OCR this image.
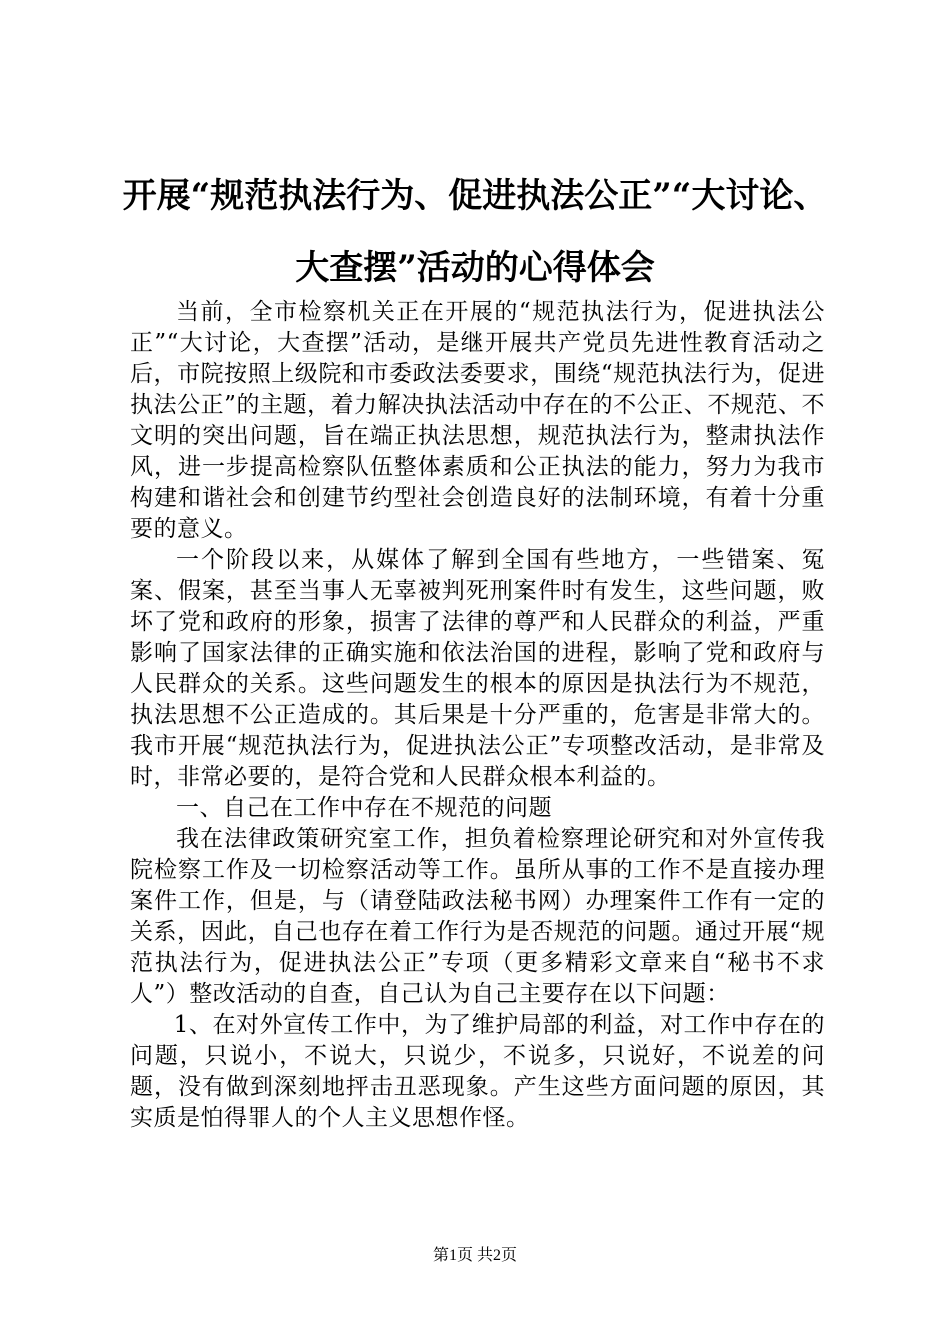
开展“规范执法行为、促进执法公正”“大讨论、大查摆”活动的心得体会

当前，全市检察机关正在开展的“规范执法行为，促进执法公正”“大讨论，大查摆”活动，是继开展共产党员先进性教育活动之后，市院按照上级院和市委政法委要求，围绕“规范执法行为，促进执法公正”的主题，着力解决执法活动中存在的不公正、不规范、不文明的突出问题，旨在端正执法思想，规范执法行为，整肃执法作风，进一步提高检察队伍整体素质和公正执法的能力，努力为我市构建和谐社会和创建节约型社会创造良好的法制环境，有着十分重要的意义。

一个阶段以来，从媒体了解到全国有些地方，一些错案、冤案、假案，甚至当事人无辜被判死刑案件时有发生，这些问题，败坏了党和政府的形象，损害了法律的尊严和人民群众的利益，严重影响了国家法律的正确实施和依法治国的进程，影响了党和政府与人民群众的关系。这些问题发生的根本的原因是执法行为不规范，执法思想不公正造成的。其后果是十分严重的，危害是非常大的。我市开展“规范执法行为，促进执法公正”专项整改活动，是非常及时，非常必要的，是符合党和人民群众根本利益的。

一、自己在工作中存在不规范的问题

我在法律政策研究室工作，担负着检察理论研究和对外宣传我院检察工作及一切检察活动等工作。虽所从事的工作不是直接办理案件工作，但是，与（请登陆政法秘书网）办理案件工作有一定的关系，因此，自己也存在着工作行为是否规范的问题。通过开展“规范执法行为，促进执法公正”专项（更多精彩文章来自“秘书不求人”）整改活动的自查，自己认为自己主要存在以下问题：

1、在对外宣传工作中，为了维护局部的利益，对工作中存在的问题，只说小，不说大，只说少，不说多，只说好，不说差的问题，没有做到深刻地抨击丑恶现象。产生这些方面问题的原因，其实质是怕得罪人的个人主义思想作怪。

第1页 共2页
